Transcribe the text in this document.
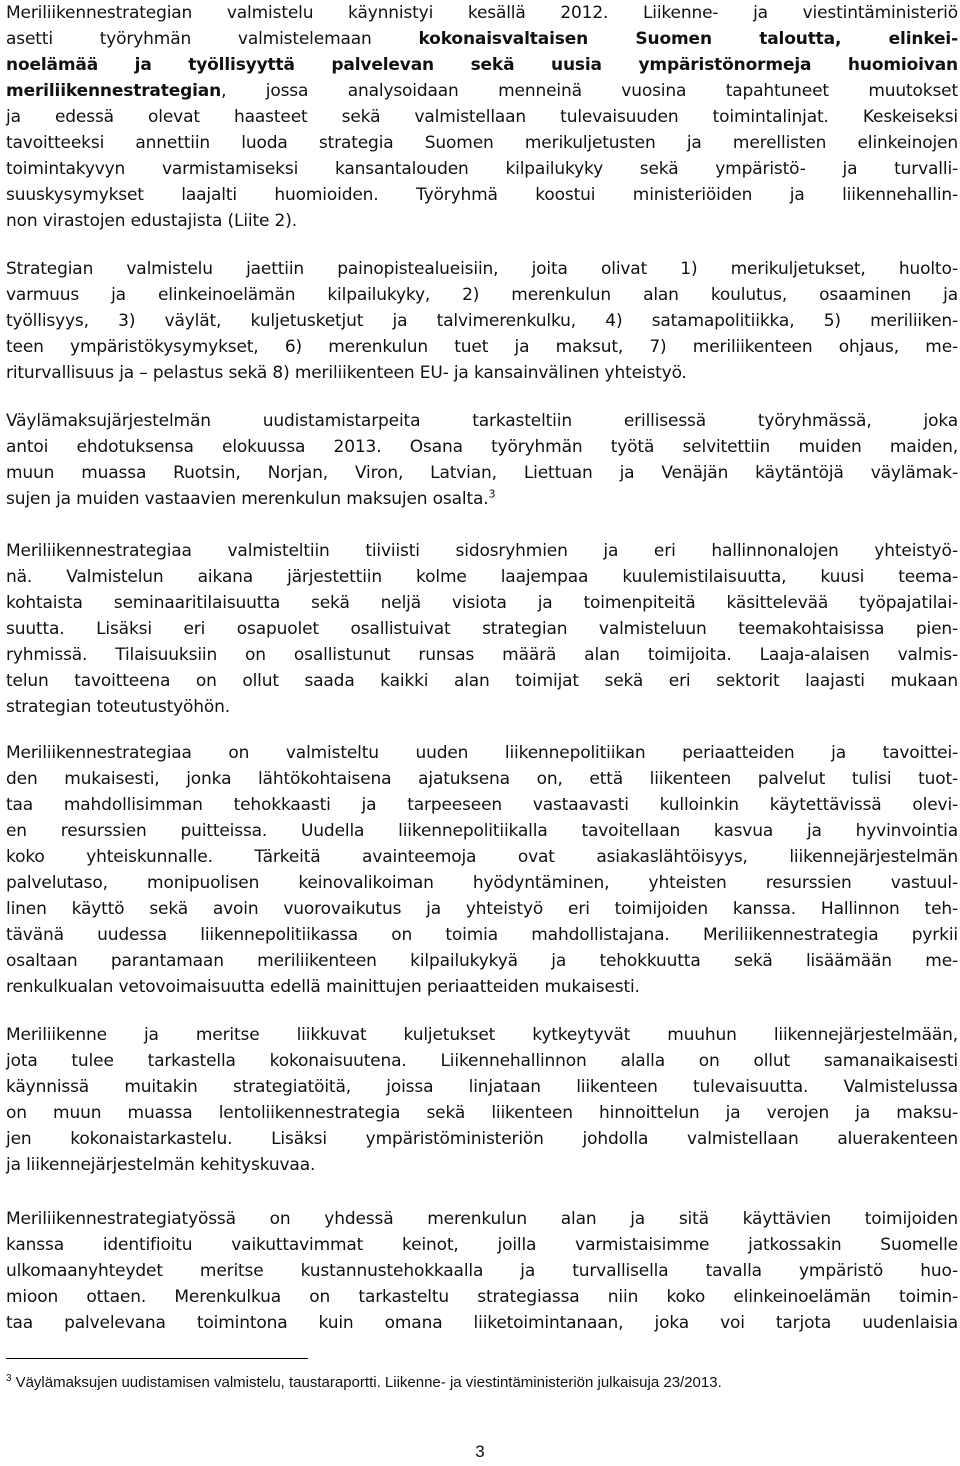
Meriliikennestrategian valmistelu käynnistyi kesällä 2012. Liikenne- ja viestintäministeriö
asetti työryhmän valmistelemaan kokonaisvaltaisen Suomen taloutta, elinkei-
noelämää ja työllisyyttä palvelevan sekä uusia ympäristönormeja huomioivan
meriliikennestrategian, jossa analysoidaan menneinä vuosina tapahtuneet muutokset
ja edessä olevat haasteet sekä valmistellaan tulevaisuuden toimintalinjat. Keskeiseksi
tavoitteeksi annettiin luoda strategia Suomen merikuljetusten ja merellisten elinkeinojen
toimintakyvyn varmistamiseksi kansantalouden kilpailukyky sekä ympäristö- ja turvalli-
suuskysymykset laajalti huomioiden. Työryhmä koostui ministeriöiden ja liikennehallin-
non virastojen edustajista (Liite 2).
Strategian valmistelu jaettiin painopistealueisiin, joita olivat 1) merikuljetukset, huolto-
varmuus ja elinkeinoelämän kilpailukyky, 2) merenkulun alan koulutus, osaaminen ja
työllisyys, 3) väylät, kuljetusketjut ja talvimerenkulku, 4) satamapolitiikka, 5) meriliiken-
teen ympäristökysymykset, 6) merenkulun tuet ja maksut, 7) meriliikenteen ohjaus, me-
riturvallisuus ja – pelastus sekä 8) meriliikenteen EU- ja kansainvälinen yhteistyö.
Väylämaksujärjestelmän uudistamistarpeita tarkasteltiin erillisessä työryhmässä, joka
antoi ehdotuksensa elokuussa 2013. Osana työryhmän työtä selvitettiin muiden maiden,
muun muassa Ruotsin, Norjan, Viron, Latvian, Liettuan ja Venäjän käytäntöjä väylämak-
sujen ja muiden vastaavien merenkulun maksujen osalta.$^3$
Meriliikennestrategiaa valmisteltiin tiiviisti sidosryhmien ja eri hallinnonalojen yhteistyö-
nä. Valmistelun aikana järjestettiin kolme laajempaa kuulemistilaisuutta, kuusi teema-
kohtaista seminaaritilaisuutta sekä neljä visiota ja toimenpiteitä käsittelevää työpajatilai-
suutta. Lisäksi eri osapuolet osallistuivat strategian valmisteluun teemakohtaisissa pien-
ryhmissä. Tilaisuuksiin on osallistunut runsas määrä alan toimijoita. Laaja-alaisen valmis-
telun tavoitteena on ollut saada kaikki alan toimijat sekä eri sektorit laajasti mukaan
strategian toteutustyöhön.
Meriliikennestrategiaa on valmisteltu uuden liikennepolitiikan periaatteiden ja tavoittei-
den mukaisesti, jonka lähtökohtaisena ajatuksena on, että liikenteen palvelut tulisi tuot-
taa mahdollisimman tehokkaasti ja tarpeeseen vastaavasti kulloinkin käytettävissä olevi-
en resurssien puitteissa. Uudella liikennepolitiikalla tavoitellaan kasvua ja hyvinvointia
koko yhteiskunnalle. Tärkeitä avainteemoja ovat asiakaslähtöisyys, liikennejärjestelmän
palvelutaso, monipuolisen keinovalikoiman hyödyntäminen, yhteisten resurssien vastuul-
linen käyttö sekä avoin vuorovaikutus ja yhteistyö eri toimijoiden kanssa. Hallinnon teh-
tävänä uudessa liikennepolitiikassa on toimia mahdollistajana. Meriliikennestrategia pyrkii
osaltaan parantamaan meriliikenteen kilpailukykyä ja tehokkuutta sekä lisäämään me-
renkulkualan vetovoimaisuutta edellä mainittujen periaatteiden mukaisesti.
Meriliikenne ja meritse liikkuvat kuljetukset kytkeytyvät muuhun liikennejärjestelmään,
jota tulee tarkastella kokonaisuutena. Liikennehallinnon alalla on ollut samanaikaisesti
käynnissä muitakin strategiatöitä, joissa linjataan liikenteen tulevaisuutta. Valmistelussa
on muun muassa lentoliikennestrategia sekä liikenteen hinnoittelun ja verojen ja maksu-
jen kokonaistarkastelu. Lisäksi ympäristöministeriön johdolla valmistellaan aluerakenteen
ja liikennejärjestelmän kehityskuvaa.
Meriliikennestrategiatyössä on yhdessä merenkulun alan ja sitä käyttävien toimijoiden
kanssa identifioitu vaikuttavimmat keinot, joilla varmistaisimme jatkossakin Suomelle
ulkomaanyhteydet meritse kustannustehokkaalla ja turvallisella tavalla ympäristö huo-
mioon ottaen. Merenkulkua on tarkasteltu strategiassa niin koko elinkeinoelämän toimin-
taa palvelevana toimintona kuin omana liiketoimintanaan, joka voi tarjota uudenlaisia
$^3$ Väylämaksujen uudistamisen valmistelu, taustaraportti. Liikenne- ja viestintäministeriön julkaisuja 23/2013.
3
